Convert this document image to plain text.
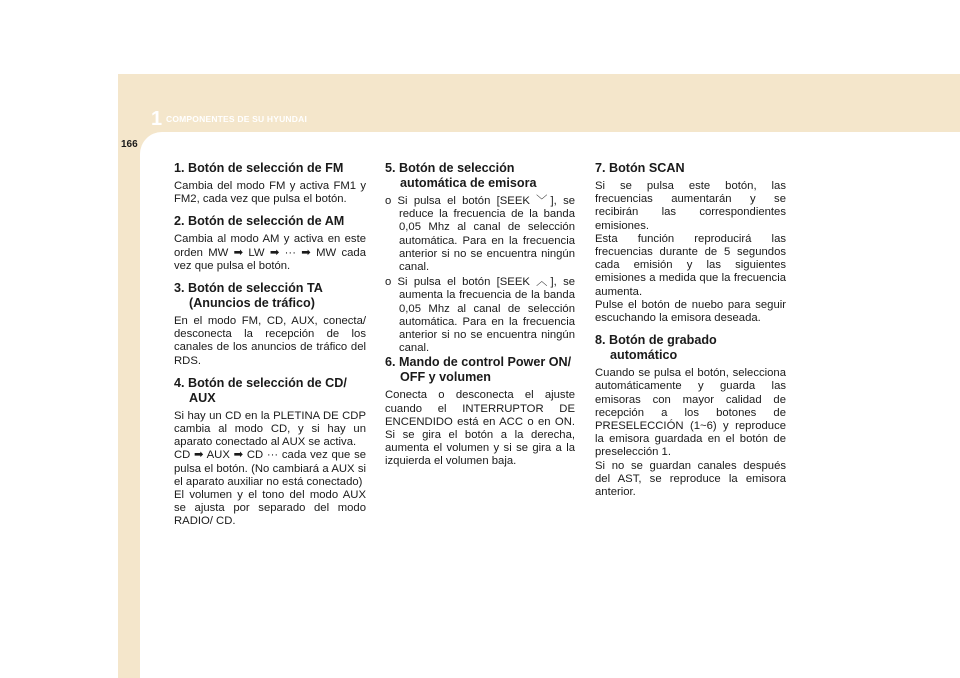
1 COMPONENTES DE SU HYUNDAI
166
1. Botón de selección de FM
Cambia del modo FM y activa FM1 y FM2, cada vez que pulsa el botón.
2. Botón de selección de AM
Cambia al modo AM y activa en este orden MW ➡ LW ➡ ··· ➡ MW cada vez que pulsa el botón.
3. Botón de selección TA (Anuncios de tráfico)
En el modo FM, CD, AUX, conecta/ desconecta la recepción de los canales de los anuncios de tráfico del RDS.
4. Botón de selección de CD/ AUX
Si hay un CD en la PLETINA DE CDP cambia al modo CD, y si hay un aparato conectado al AUX se activa.
CD ➡ AUX ➡ CD ··· cada vez que se pulsa el botón. (No cambiará a AUX si el aparato auxiliar no está conectado)
El volumen y el tono del modo AUX se ajusta por separado del modo RADIO/ CD.
5. Botón de selección automática de emisora
o Si pulsa el botón [SEEK ﹀], se reduce la frecuencia de la banda 0,05 Mhz al canal de selección automática. Para en la frecuencia anterior si no se encuentra ningún canal.
o Si pulsa el botón [SEEK ︿], se aumenta la frecuencia de la banda 0,05 Mhz al canal de selección automática. Para en la frecuencia anterior si no se encuentra ningún canal.
6. Mando de control Power ON/ OFF y volumen
Conecta o desconecta el ajuste cuando el INTERRUPTOR DE ENCENDIDO está en ACC o en ON. Si se gira el botón a la derecha, aumenta el volumen y si se gira a la izquierda el volumen baja.
7. Botón SCAN
Si se pulsa este botón, las frecuencias aumentarán y se recibirán las correspondientes emisiones.
Esta función reproducirá las frecuencias durante de 5 segundos cada emisión y las siguientes emisiones a medida que la frecuencia aumenta.
Pulse el botón de nuebo para seguir escuchando la emisora deseada.
8. Botón de grabado automático
Cuando se pulsa el botón, selecciona automáticamente y guarda las emisoras con mayor calidad de recepción a los botones de PRESELECCIÓN (1~6) y reproduce la emisora guardada en el botón de preselección 1.
Si no se guardan canales después del AST, se reproduce la emisora anterior.
